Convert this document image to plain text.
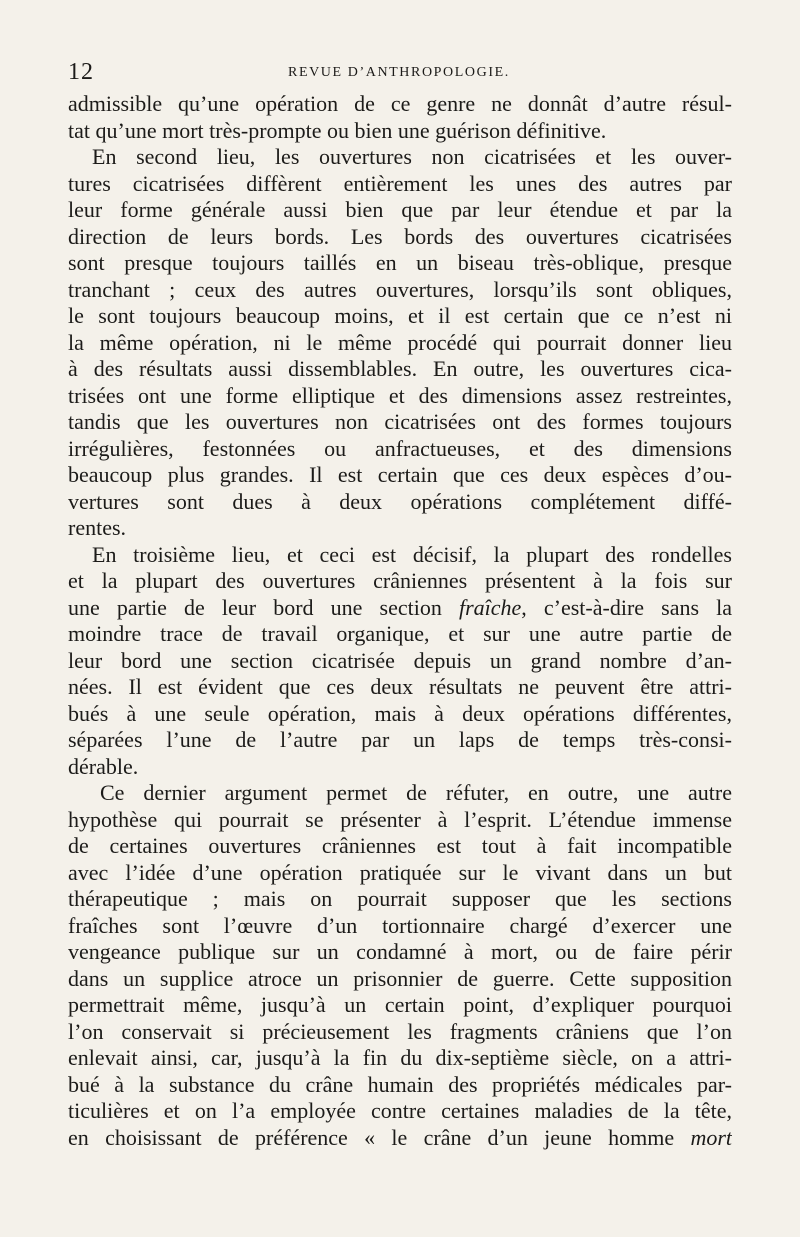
12	REVUE D’ANTHROPOLOGIE.
admissible qu’une opération de ce genre ne donnât d’autre résul-
tat qu’une mort très-prompte ou bien une guérison définitive.
En second lieu, les ouvertures non cicatrisées et les ouver-
tures cicatrisées diffèrent entièrement les unes des autres par
leur forme générale aussi bien que par leur étendue et par la
direction de leurs bords. Les bords des ouvertures cicatrisées
sont presque toujours taillés en un biseau très-oblique, presque
tranchant ; ceux des autres ouvertures, lorsqu’ils sont obliques,
le sont toujours beaucoup moins, et il est certain que ce n’est ni
la même opération, ni le même procédé qui pourrait donner lieu
à des résultats aussi dissemblables. En outre, les ouvertures cica-
trisées ont une forme elliptique et des dimensions assez restreintes,
tandis que les ouvertures non cicatrisées ont des formes toujours
irrégulières, festonnées ou anfractueuses, et des dimensions
beaucoup plus grandes. Il est certain que ces deux espèces d’ou-
vertures sont dues à deux opérations complétement diffé-
rentes.
En troisième lieu, et ceci est décisif, la plupart des rondelles
et la plupart des ouvertures crâniennes présentent à la fois sur
une partie de leur bord une section fraîche, c’est-à-dire sans la
moindre trace de travail organique, et sur une autre partie de
leur bord une section cicatrisée depuis un grand nombre d’an-
nées. Il est évident que ces deux résultats ne peuvent être attri-
bués à une seule opération, mais à deux opérations différentes,
séparées l’une de l’autre par un laps de temps très-consi-
dérable.
Ce dernier argument permet de réfuter, en outre, une autre
hypothèse qui pourrait se présenter à l’esprit. L’étendue immense
de certaines ouvertures crâniennes est tout à fait incompatible
avec l’idée d’une opération pratiquée sur le vivant dans un but
thérapeutique ; mais on pourrait supposer que les sections
fraîches sont l’œuvre d’un tortionnaire chargé d’exercer une
vengeance publique sur un condamné à mort, ou de faire périr
dans un supplice atroce un prisonnier de guerre. Cette supposition
permettrait même, jusqu’à un certain point, d’expliquer pourquoi
l’on conservait si précieusement les fragments crâniens que l’on
enlevait ainsi, car, jusqu’à la fin du dix-septième siècle, on a attri-
bué à la substance du crâne humain des propriétés médicales par-
ticulières et on l’a employée contre certaines maladies de la tête,
en choisissant de préférence « le crâne d’un jeune homme mort
